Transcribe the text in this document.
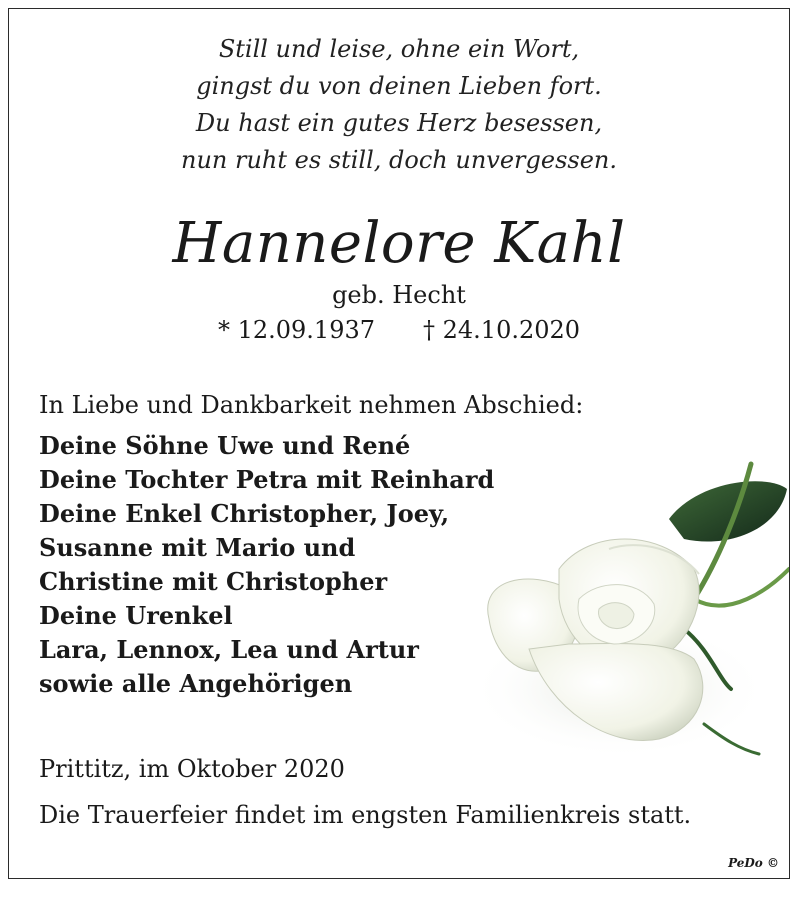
Still und leise, ohne ein Wort,
gingst du von deinen Lieben fort.
Du hast ein gutes Herz besessen,
nun ruht es still, doch unvergessen.
Hannelore Kahl
geb. Hecht
* 12.09.1937 † 24.10.2020
In Liebe und Dankbarkeit nehmen Abschied:
Deine Söhne Uwe und René
Deine Tochter Petra mit Reinhard
Deine Enkel Christopher, Joey,
Susanne mit Mario und
Christine mit Christopher
Deine Urenkel
Lara, Lennox, Lea und Artur
sowie alle Angehörigen
Prittitz, im Oktober 2020
Die Trauerfeier findet im engsten Familienkreis statt.
PeDo ©
